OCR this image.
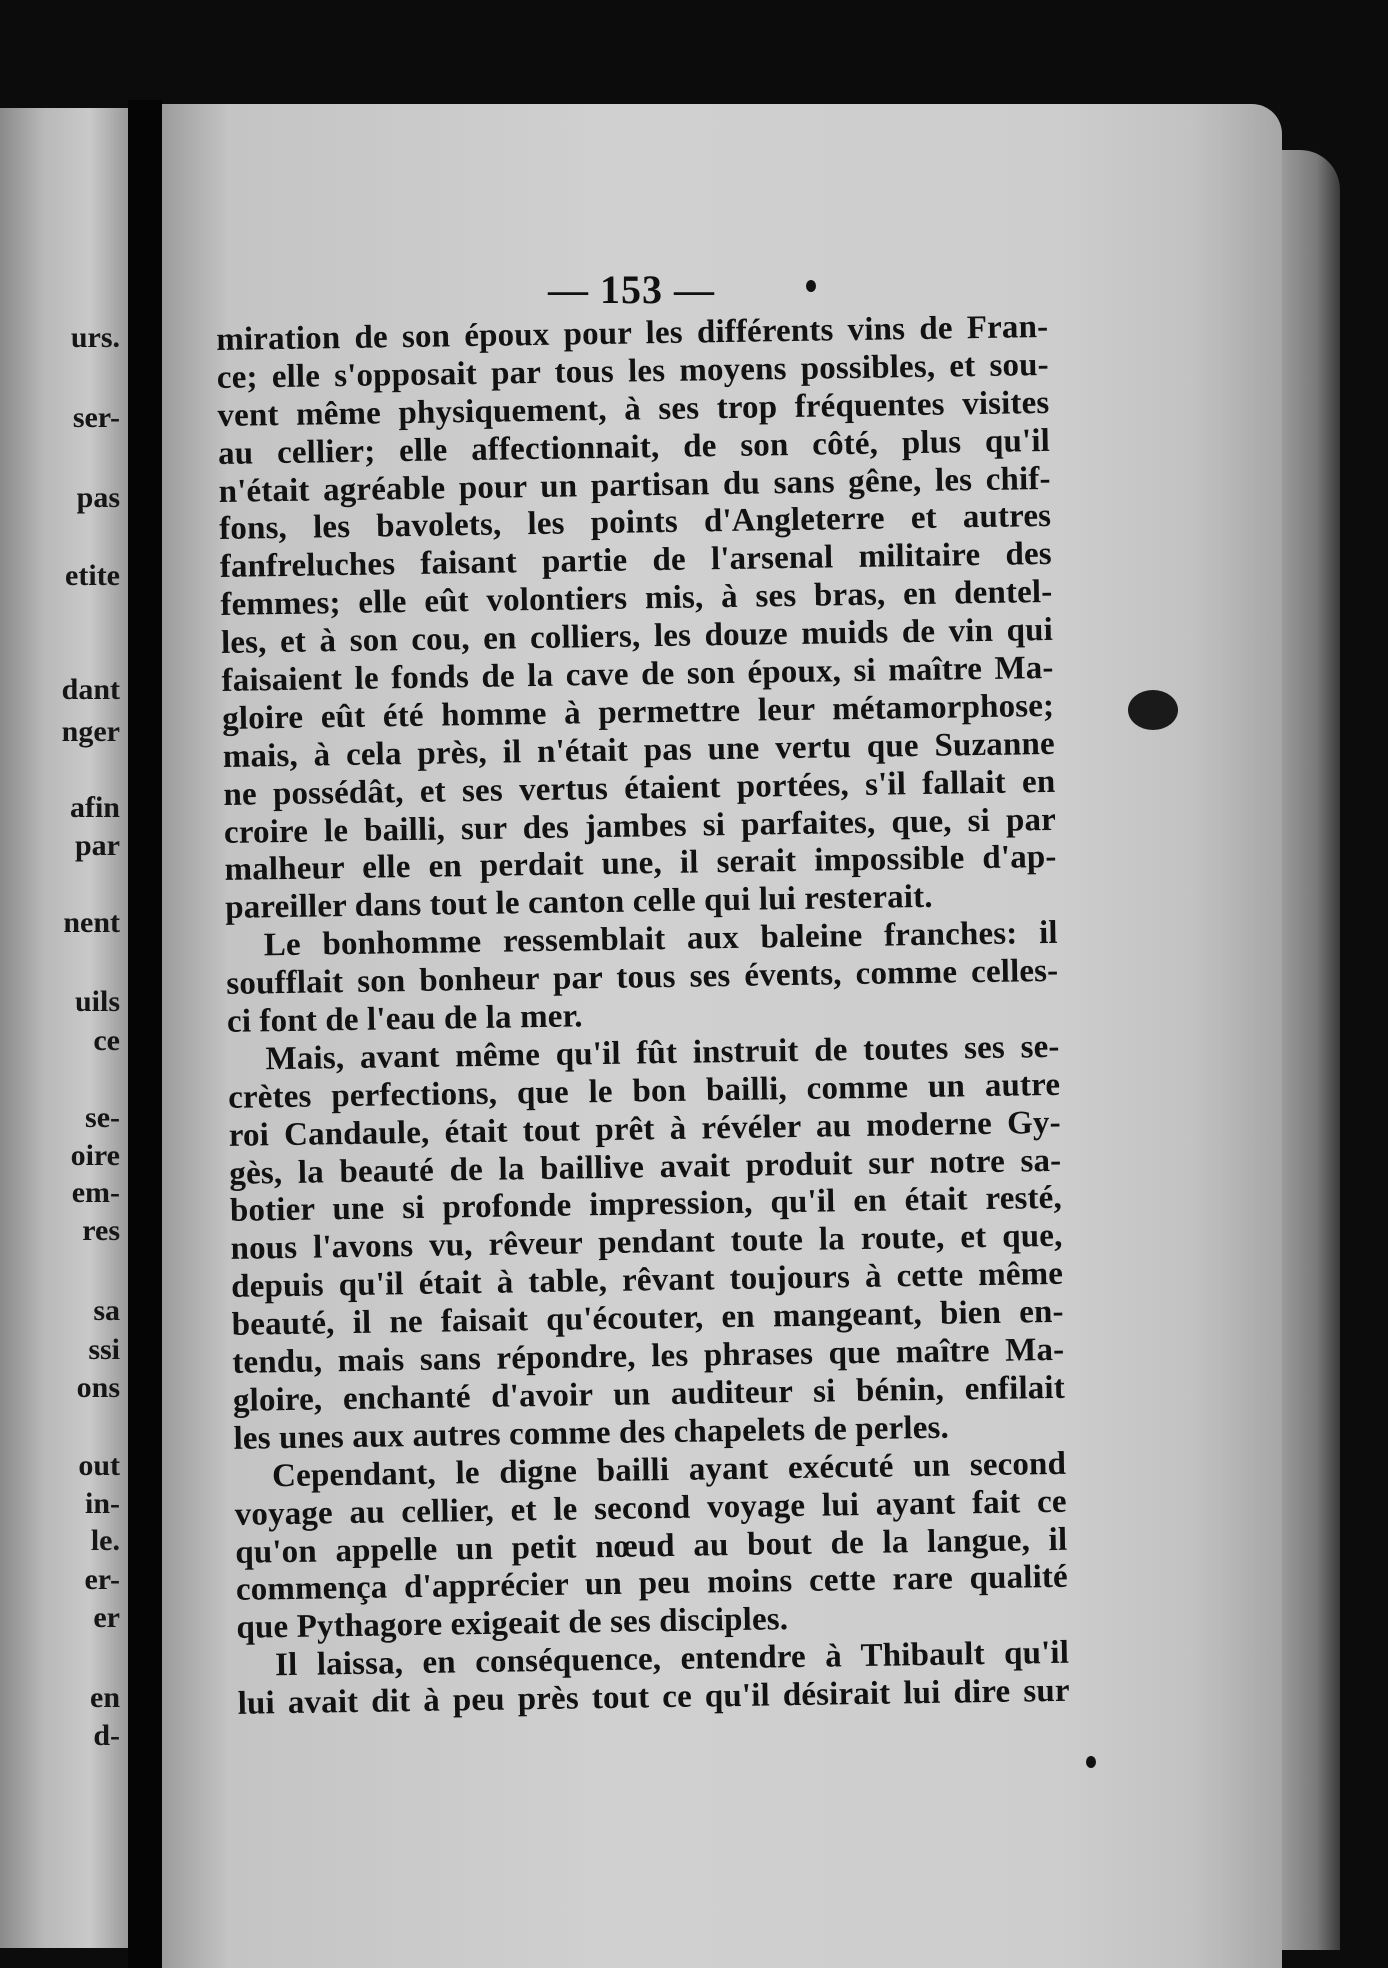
urs.
ser-
pas
etite
dant
nger
afin
par
nent
uils
ce
se-
oire
em-
res
sa
ssi
ons
out
in-
le.
er-
er
en
d-
— 153 —
miration de son époux pour les différents vins de Fran-
ce; elle s'opposait par tous les moyens possibles, et sou-
vent même physiquement, à ses trop fréquentes visites
au cellier; elle affectionnait, de son côté, plus qu'il
n'était agréable pour un partisan du sans gêne, les chif-
fons, les bavolets, les points d'Angleterre et autres
fanfreluches faisant partie de l'arsenal militaire des
femmes; elle eût volontiers mis, à ses bras, en dentel-
les, et à son cou, en colliers, les douze muids de vin qui
faisaient le fonds de la cave de son époux, si maître Ma-
gloire eût été homme à permettre leur métamorphose;
mais, à cela près, il n'était pas une vertu que Suzanne
ne possédât, et ses vertus étaient portées, s'il fallait en
croire le bailli, sur des jambes si parfaites, que, si par
malheur elle en perdait une, il serait impossible d'ap-
pareiller dans tout le canton celle qui lui resterait.
Le bonhomme ressemblait aux baleine franches: il
soufflait son bonheur par tous ses évents, comme celles-
ci font de l'eau de la mer.
Mais, avant même qu'il fût instruit de toutes ses se-
crètes perfections, que le bon bailli, comme un autre
roi Candaule, était tout prêt à révéler au moderne Gy-
gès, la beauté de la baillive avait produit sur notre sa-
botier une si profonde impression, qu'il en était resté,
nous l'avons vu, rêveur pendant toute la route, et que,
depuis qu'il était à table, rêvant toujours à cette même
beauté, il ne faisait qu'écouter, en mangeant, bien en-
tendu, mais sans répondre, les phrases que maître Ma-
gloire, enchanté d'avoir un auditeur si bénin, enfilait
les unes aux autres comme des chapelets de perles.
Cependant, le digne bailli ayant exécuté un second
voyage au cellier, et le second voyage lui ayant fait ce
qu'on appelle un petit nœud au bout de la langue, il
commença d'apprécier un peu moins cette rare qualité
que Pythagore exigeait de ses disciples.
Il laissa, en conséquence, entendre à Thibault qu'il
lui avait dit à peu près tout ce qu'il désirait lui dire sur
